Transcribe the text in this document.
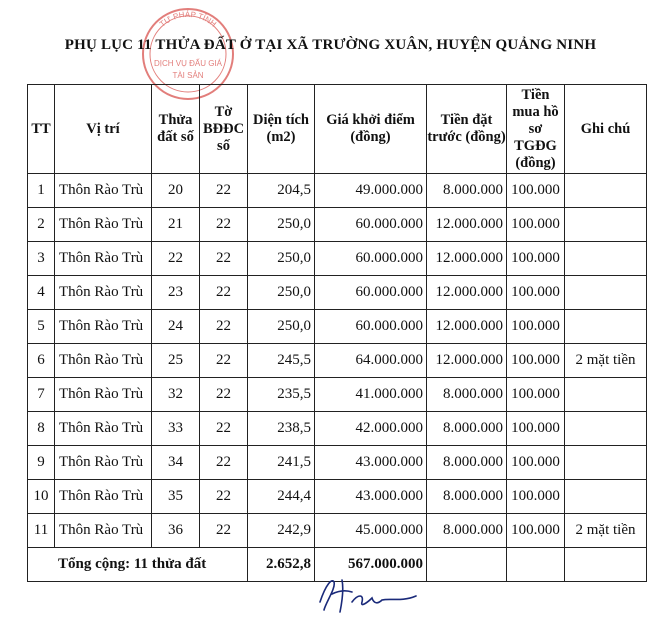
TƯ PHÁP TỈNH
DỊCH VỤ ĐẤU GIÁ
TÀI SẢN
PHỤ LỤC 11 THỬA ĐẤT Ở TẠI XÃ TRƯỜNG XUÂN, HUYỆN QUẢNG NINH
TT	Vị trí	Thửa đất số	Tờ BĐĐC số	Diện tích (m2)	Giá khởi điểm (đồng)	Tiền đặt trước (đồng)	Tiền mua hồ sơ TGĐG (đồng)	Ghi chú
1	Thôn Rào Trù	20	22	204,5	49.000.000	8.000.000	100.000	
2	Thôn Rào Trù	21	22	250,0	60.000.000	12.000.000	100.000	
3	Thôn Rào Trù	22	22	250,0	60.000.000	12.000.000	100.000	
4	Thôn Rào Trù	23	22	250,0	60.000.000	12.000.000	100.000	
5	Thôn Rào Trù	24	22	250,0	60.000.000	12.000.000	100.000	
6	Thôn Rào Trù	25	22	245,5	64.000.000	12.000.000	100.000	2 mặt tiền
7	Thôn Rào Trù	32	22	235,5	41.000.000	8.000.000	100.000	
8	Thôn Rào Trù	33	22	238,5	42.000.000	8.000.000	100.000	
9	Thôn Rào Trù	34	22	241,5	43.000.000	8.000.000	100.000	
10	Thôn Rào Trù	35	22	244,4	43.000.000	8.000.000	100.000	
11	Thôn Rào Trù	36	22	242,9	45.000.000	8.000.000	100.000	2 mặt tiền
Tổng cộng: 11 thửa đất				2.652,8	567.000.000			
